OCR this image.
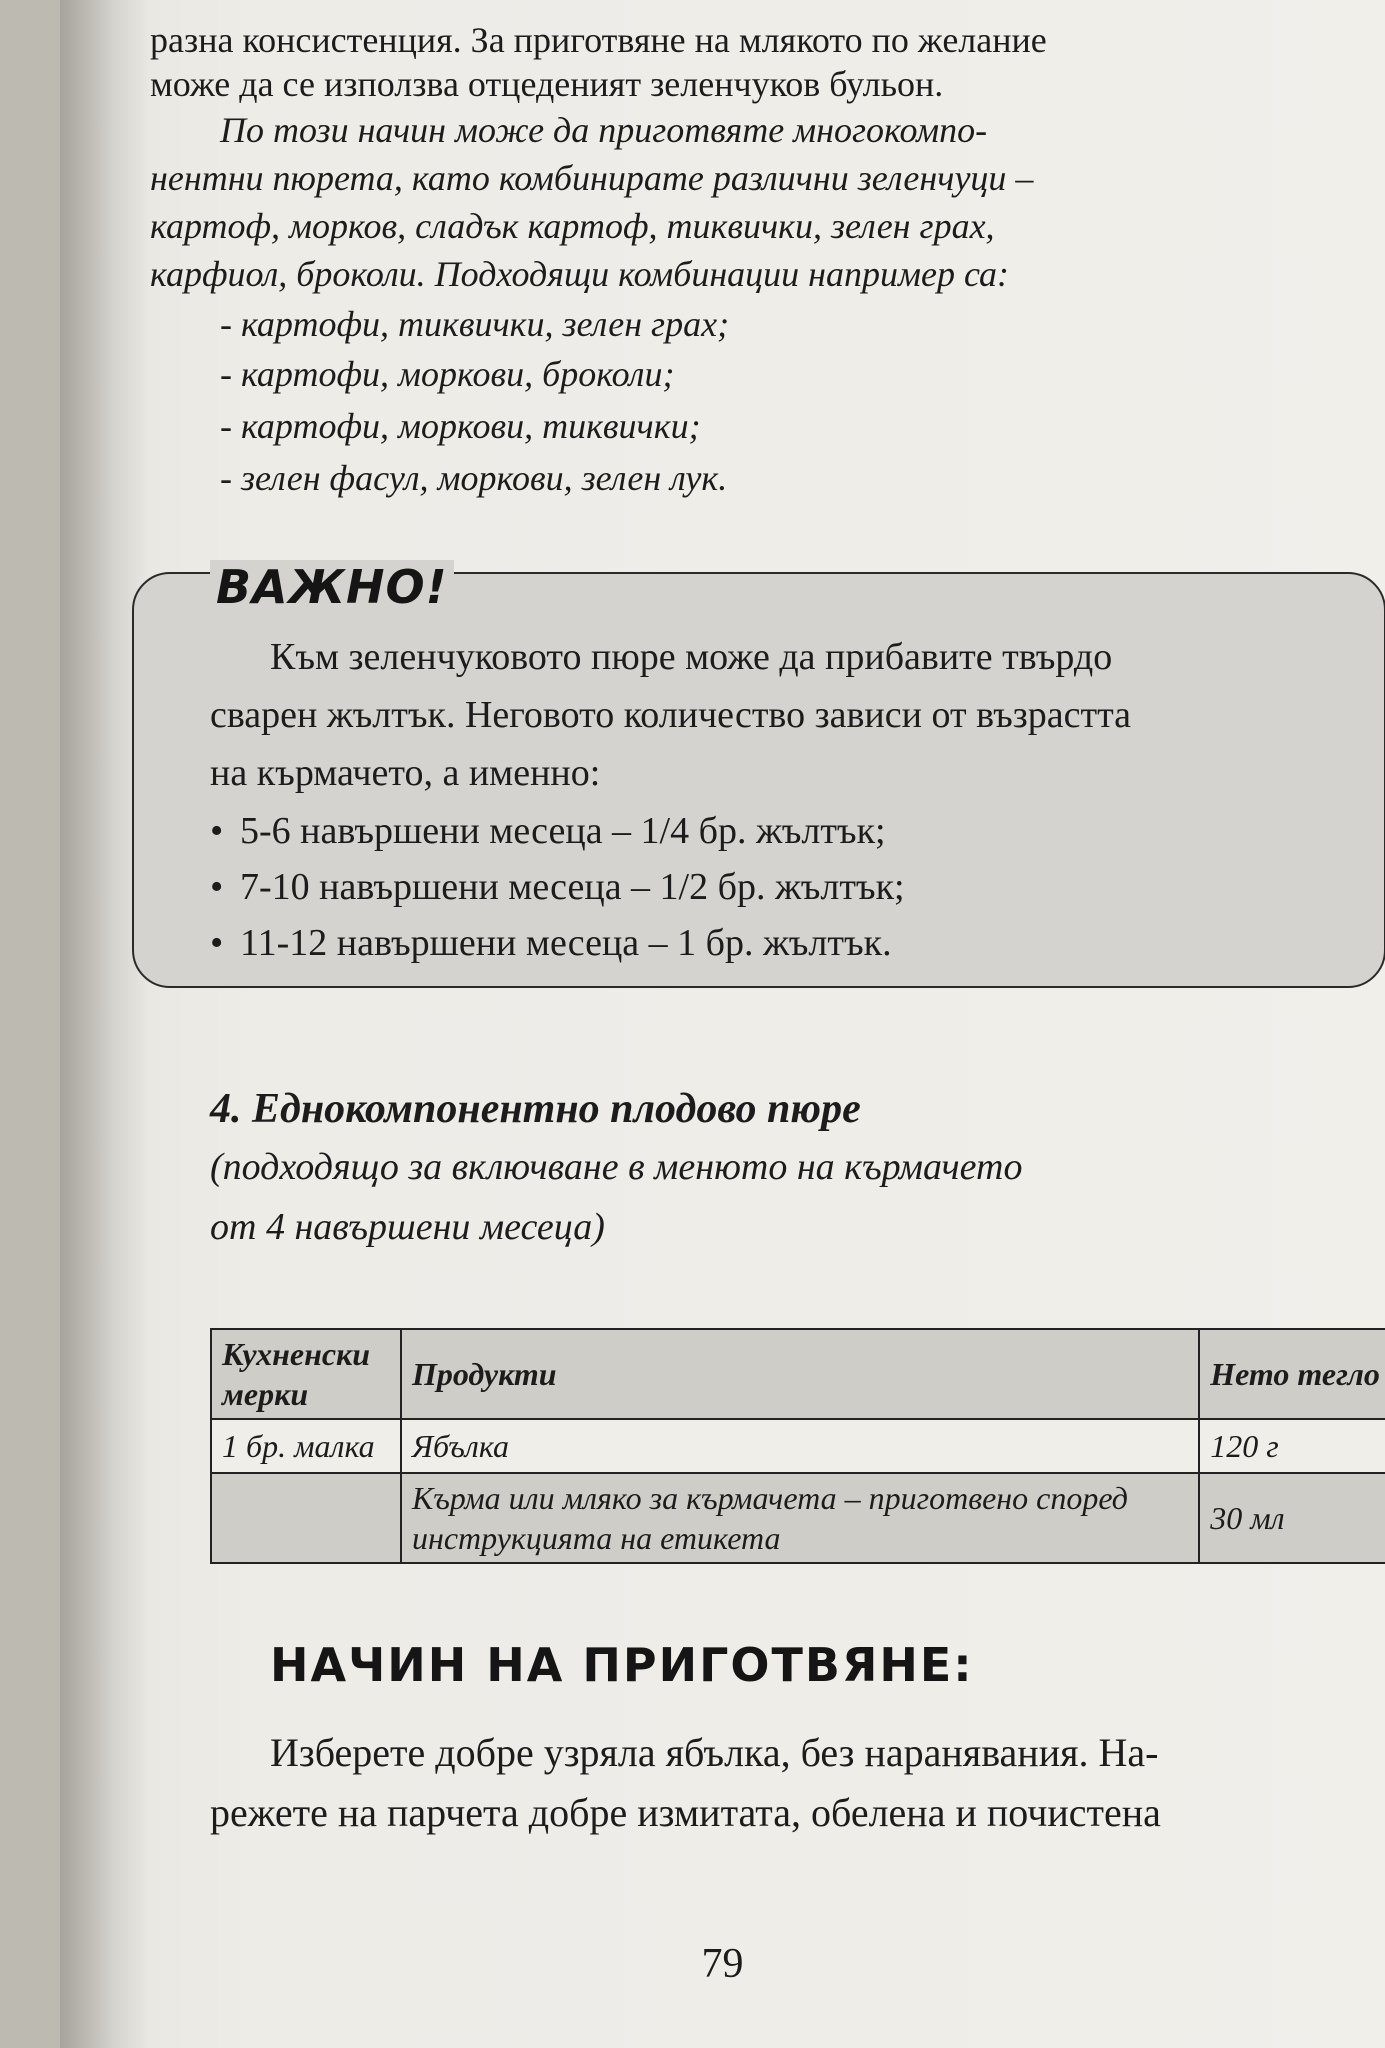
разна консистенция. За приготвяне на млякото по желание

може да се използва отцеденият зеленчуков бульон.

По този начин може да приготвяте многокомпо-

нентни пюрета, като комбинирате различни зеленчуци –

картоф, морков, сладък картоф, тиквички, зелен грах,

карфиол, броколи. Подходящи комбинации например са:

- картофи, тиквички, зелен грах;

- картофи, моркови, броколи;

- картофи, моркови, тиквички;

- зелен фасул, моркови, зелен лук.

ВАЖНО!
Към зеленчуковото пюре може да прибавите твърдо
сварен жълтък. Неговото количество зависи от възрастта
на кърмачето, а именно:
• 5-6 навършени месеца – 1/4 бр. жълтък;
• 7-10 навършени месеца – 1/2 бр. жълтък;
• 11-12 навършени месеца – 1 бр. жълтък.
4. Еднокомпонентно плодово пюре
(подходящо за включване в менюто на кърмачето
от 4 навършени месеца)
Кухненски мерки	Продукти	Нето тегло
1 бр. малка	Ябълка	120 г
	Кърма или мляко за кърмачета – приготвено според инструкцията на етикета	30 мл
НАЧИН НА ПРИГОТВЯНЕ:

Изберете добре узряла ябълка, без наранявания. На-

режете на парчета добре измитата, обелена и почистена

79
